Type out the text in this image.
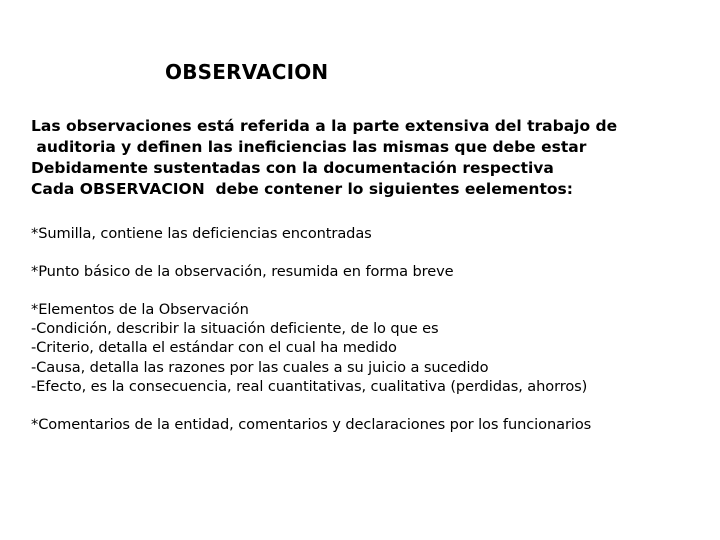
OBSERVACION
Las observaciones está referida a la parte extensiva del trabajo de
auditoria y definen las ineficiencias las mismas que debe estar
Debidamente sustentadas con la documentación respectiva
Cada OBSERVACION  debe contener lo siguientes eelementos:
*Sumilla, contiene las deficiencias encontradas
*Punto básico de la observación, resumida en forma breve
*Elementos de la Observación
-Condición, describir la situación deficiente, de lo que es
-Criterio, detalla el estándar con el cual ha medido
-Causa, detalla las razones por las cuales a su juicio a sucedido
-Efecto, es la consecuencia, real cuantitativas, cualitativa (perdidas, ahorros)
*Comentarios de la entidad, comentarios y declaraciones por los funcionarios
